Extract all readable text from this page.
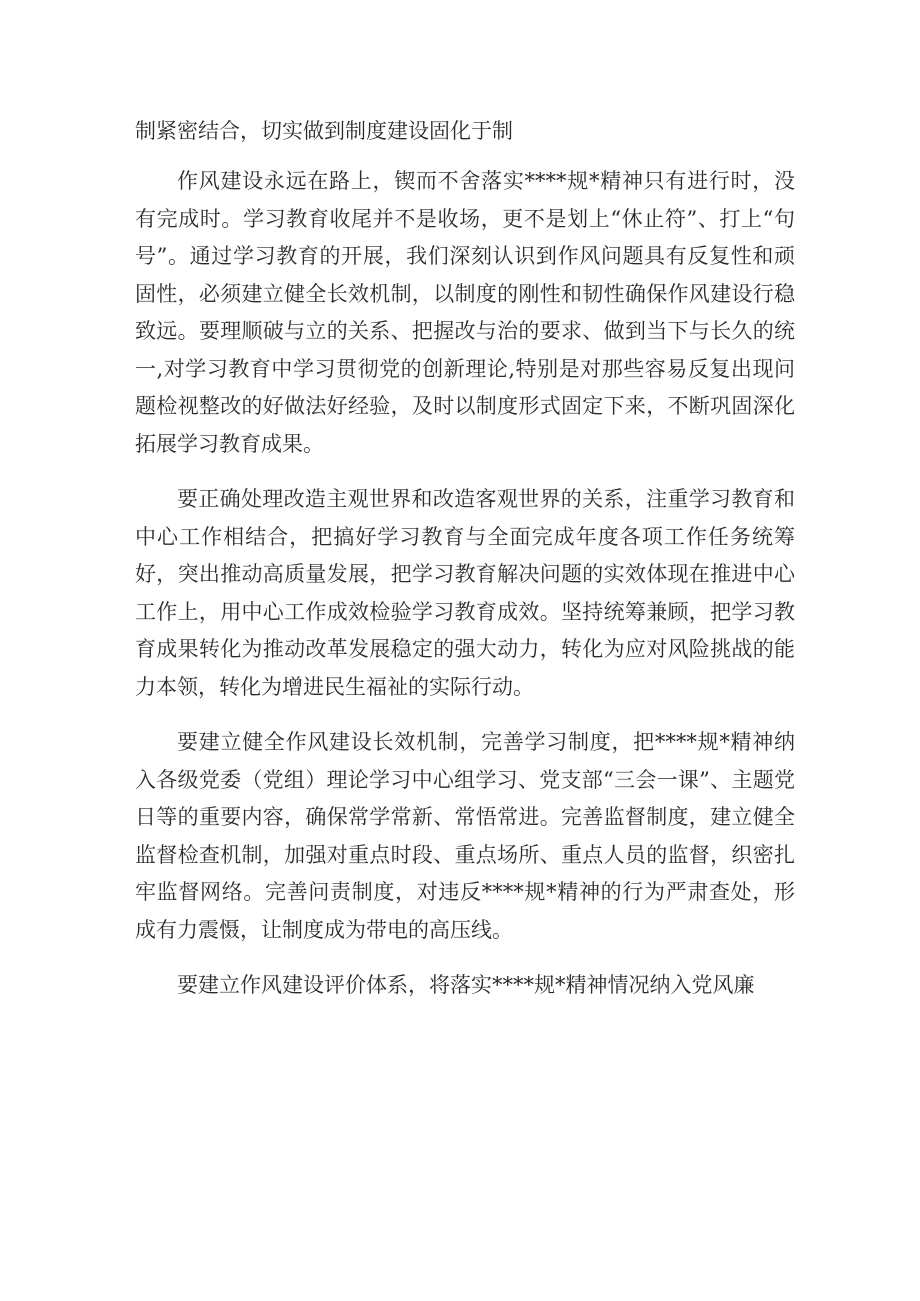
制紧密结合，切实做到制度建设固化于制

作风建设永远在路上，锲而不舍落实****规*精神只有进行时，没有完成时。学习教育收尾并不是收场，更不是划上“休止符”、打上“句号”。通过学习教育的开展，我们深刻认识到作风问题具有反复性和顽固性，必须建立健全长效机制，以制度的刚性和韧性确保作风建设行稳致远。要理顺破与立的关系、把握改与治的要求、做到当下与长久的统一,对学习教育中学习贯彻党的创新理论,特别是对那些容易反复出现问题检视整改的好做法好经验，及时以制度形式固定下来，不断巩固深化拓展学习教育成果。

要正确处理改造主观世界和改造客观世界的关系，注重学习教育和中心工作相结合，把搞好学习教育与全面完成年度各项工作任务统筹好，突出推动高质量发展，把学习教育解决问题的实效体现在推进中心工作上，用中心工作成效检验学习教育成效。坚持统筹兼顾，把学习教育成果转化为推动改革发展稳定的强大动力，转化为应对风险挑战的能力本领，转化为增进民生福祉的实际行动。

要建立健全作风建设长效机制，完善学习制度，把****规*精神纳入各级党委（党组）理论学习中心组学习、党支部“三会一课”、主题党日等的重要内容，确保常学常新、常悟常进。完善监督制度，建立健全监督检查机制，加强对重点时段、重点场所、重点人员的监督，织密扎牢监督网络。完善问责制度，对违反****规*精神的行为严肃查处，形成有力震慑，让制度成为带电的高压线。

要建立作风建设评价体系，将落实****规*精神情况纳入党风廉
